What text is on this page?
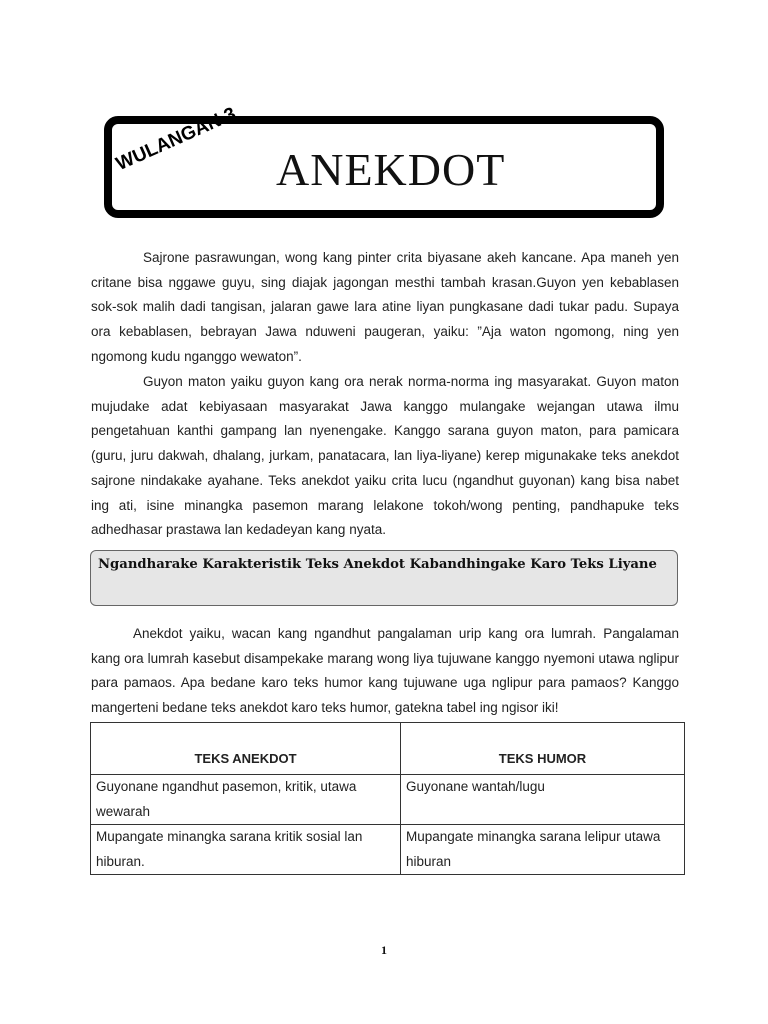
WULANGAN 3 ANEKDOT

Sajrone pasrawungan, wong kang pinter crita biyasane akeh kancane. Apa maneh yen critane bisa nggawe guyu, sing diajak jagongan mesthi tambah krasan.Guyon yen kebablasen sok-sok malih dadi tangisan, jalaran gawe lara atine liyan pungkasane dadi tukar padu. Supaya ora kebablasen, bebrayan Jawa nduweni paugeran, yaiku: ”Aja waton ngomong, ning yen ngomong kudu nganggo wewaton”.

Guyon maton yaiku guyon kang ora nerak norma-norma ing masyarakat. Guyon maton mujudake adat kebiyasaan masyarakat Jawa kanggo mulangake wejangan utawa ilmu pengetahuan kanthi gampang lan nyenengake. Kanggo sarana guyon maton, para pamicara (guru, juru dakwah, dhalang, jurkam, panatacara, lan liya-liyane) kerep migunakake teks anekdot sajrone nindakake ayahane. Teks anekdot yaiku crita lucu (ngandhut guyonan) kang bisa nabet ing ati, isine minangka pasemon marang lelakone tokoh/wong penting, pandhapuke teks adhedhasar prastawa lan kedadeyan kang nyata.

Ngandharake Karakteristik Teks Anekdot Kabandhingake Karo Teks Liyane

Anekdot yaiku, wacan kang ngandhut pangalaman urip kang ora lumrah. Pangalaman kang ora lumrah kasebut disampekake marang wong liya tujuwane kanggo nyemoni utawa nglipur para pamaos. Apa bedane karo teks humor kang tujuwane uga nglipur para pamaos? Kanggo mangerteni bedane teks anekdot karo teks humor, gatekna tabel ing ngisor iki!

TEKS ANEKDOT	TEKS HUMOR
Guyonane ngandhut pasemon, kritik, utawa wewarah	Guyonane wantah/lugu
Mupangate minangka sarana kritik sosial lan hiburan.	Mupangate minangka sarana lelipur utawa hiburan
1
